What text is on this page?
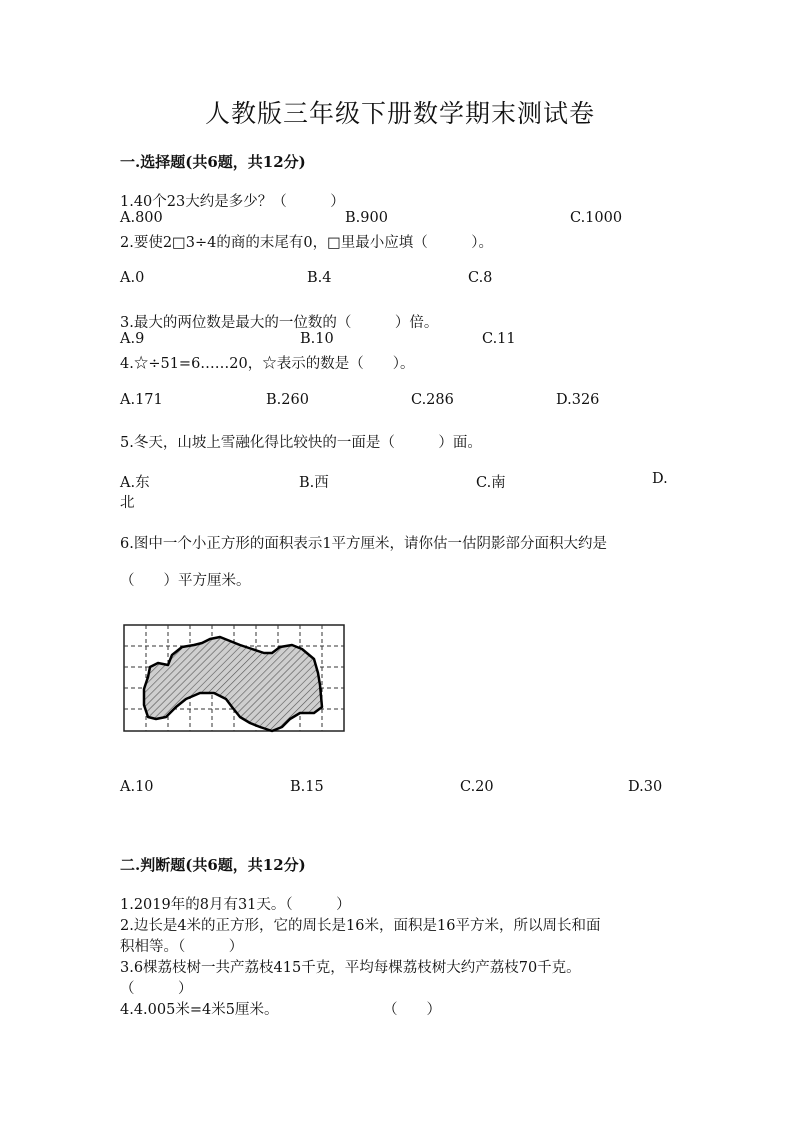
人教版三年级下册数学期末测试卷
一.选择题(共6题，共12分)
1.40个23大约是多少？（　　　）
A.800	B.900	C.1000
2.要使2□3÷4的商的末尾有0，□里最小应填（　　　）。
A.0	B.4	C.8
3.最大的两位数是最大的一位数的（　　　）倍。
A.9	B.10	C.11
4.☆÷51=6……20，☆表示的数是（　　）。
A.171	B.260	C.286	D.326
5.冬天，山坡上雪融化得比较快的一面是（　　　）面。
A.东	B.西	C.南	D.
北
6.图中一个小正方形的面积表示1平方厘米，请你估一估阴影部分面积大约是
（　　）平方厘米。
A.10	B.15	C.20	D.30
二.判断题(共6题，共12分)
1.2019年的8月有31天。（　　　）
2.边长是4米的正方形，它的周长是16米，面积是16平方米，所以周长和面
积相等。（　　　）
3.6棵荔枝树一共产荔枝415千克，平均每棵荔枝树大约产荔枝70千克。
（　　　）
4.4.005米=4米5厘米。	（　　）
